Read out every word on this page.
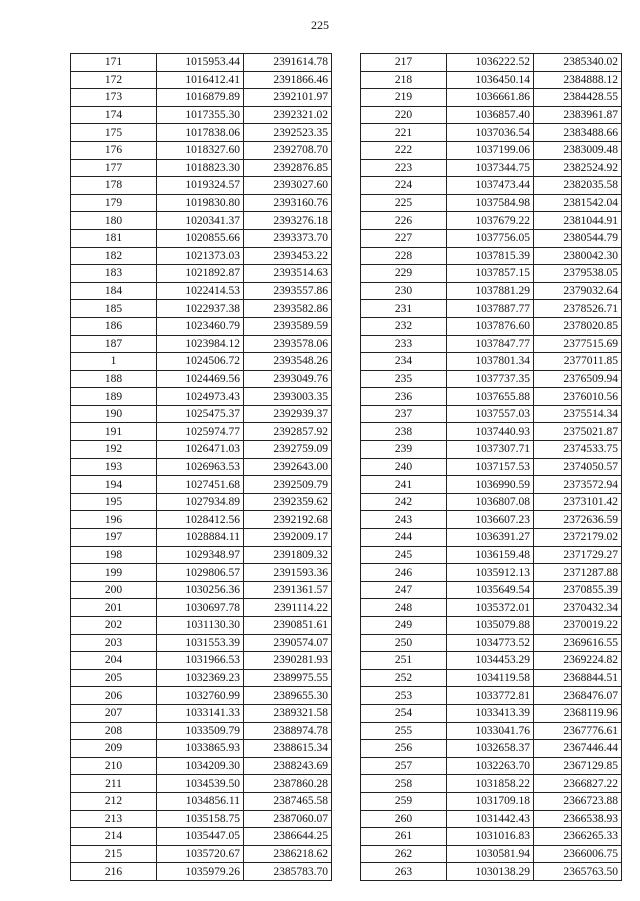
225
171	1015953.44	2391614.78
172	1016412.41	2391866.46
173	1016879.89	2392101.97
174	1017355.30	2392321.02
175	1017838.06	2392523.35
176	1018327.60	2392708.70
177	1018823.30	2392876.85
178	1019324.57	2393027.60
179	1019830.80	2393160.76
180	1020341.37	2393276.18
181	1020855.66	2393373.70
182	1021373.03	2393453.22
183	1021892.87	2393514.63
184	1022414.53	2393557.86
185	1022937.38	2393582.86
186	1023460.79	2393589.59
187	1023984.12	2393578.06
1	1024506.72	2393548.26
188	1024469.56	2393049.76
189	1024973.43	2393003.35
190	1025475.37	2392939.37
191	1025974.77	2392857.92
192	1026471.03	2392759.09
193	1026963.53	2392643.00
194	1027451.68	2392509.79
195	1027934.89	2392359.62
196	1028412.56	2392192.68
197	1028884.11	2392009.17
198	1029348.97	2391809.32
199	1029806.57	2391593.36
200	1030256.36	2391361.57
201	1030697.78	2391114.22
202	1031130.30	2390851.61
203	1031553.39	2390574.07
204	1031966.53	2390281.93
205	1032369.23	2389975.55
206	1032760.99	2389655.30
207	1033141.33	2389321.58
208	1033509.79	2388974.78
209	1033865.93	2388615.34
210	1034209.30	2388243.69
211	1034539.50	2387860.28
212	1034856.11	2387465.58
213	1035158.75	2387060.07
214	1035447.05	2386644.25
215	1035720.67	2386218.62
216	1035979.26	2385783.70
217	1036222.52	2385340.02
218	1036450.14	2384888.12
219	1036661.86	2384428.55
220	1036857.40	2383961.87
221	1037036.54	2383488.66
222	1037199.06	2383009.48
223	1037344.75	2382524.92
224	1037473.44	2382035.58
225	1037584.98	2381542.04
226	1037679.22	2381044.91
227	1037756.05	2380544.79
228	1037815.39	2380042.30
229	1037857.15	2379538.05
230	1037881.29	2379032.64
231	1037887.77	2378526.71
232	1037876.60	2378020.85
233	1037847.77	2377515.69
234	1037801.34	2377011.85
235	1037737.35	2376509.94
236	1037655.88	2376010.56
237	1037557.03	2375514.34
238	1037440.93	2375021.87
239	1037307.71	2374533.75
240	1037157.53	2374050.57
241	1036990.59	2373572.94
242	1036807.08	2373101.42
243	1036607.23	2372636.59
244	1036391.27	2372179.02
245	1036159.48	2371729.27
246	1035912.13	2371287.88
247	1035649.54	2370855.39
248	1035372.01	2370432.34
249	1035079.88	2370019.22
250	1034773.52	2369616.55
251	1034453.29	2369224.82
252	1034119.58	2368844.51
253	1033772.81	2368476.07
254	1033413.39	2368119.96
255	1033041.76	2367776.61
256	1032658.37	2367446.44
257	1032263.70	2367129.85
258	1031858.22	2366827.22
259	1031709.18	2366723.88
260	1031442.43	2366538.93
261	1031016.83	2366265.33
262	1030581.94	2366006.75
263	1030138.29	2365763.50
